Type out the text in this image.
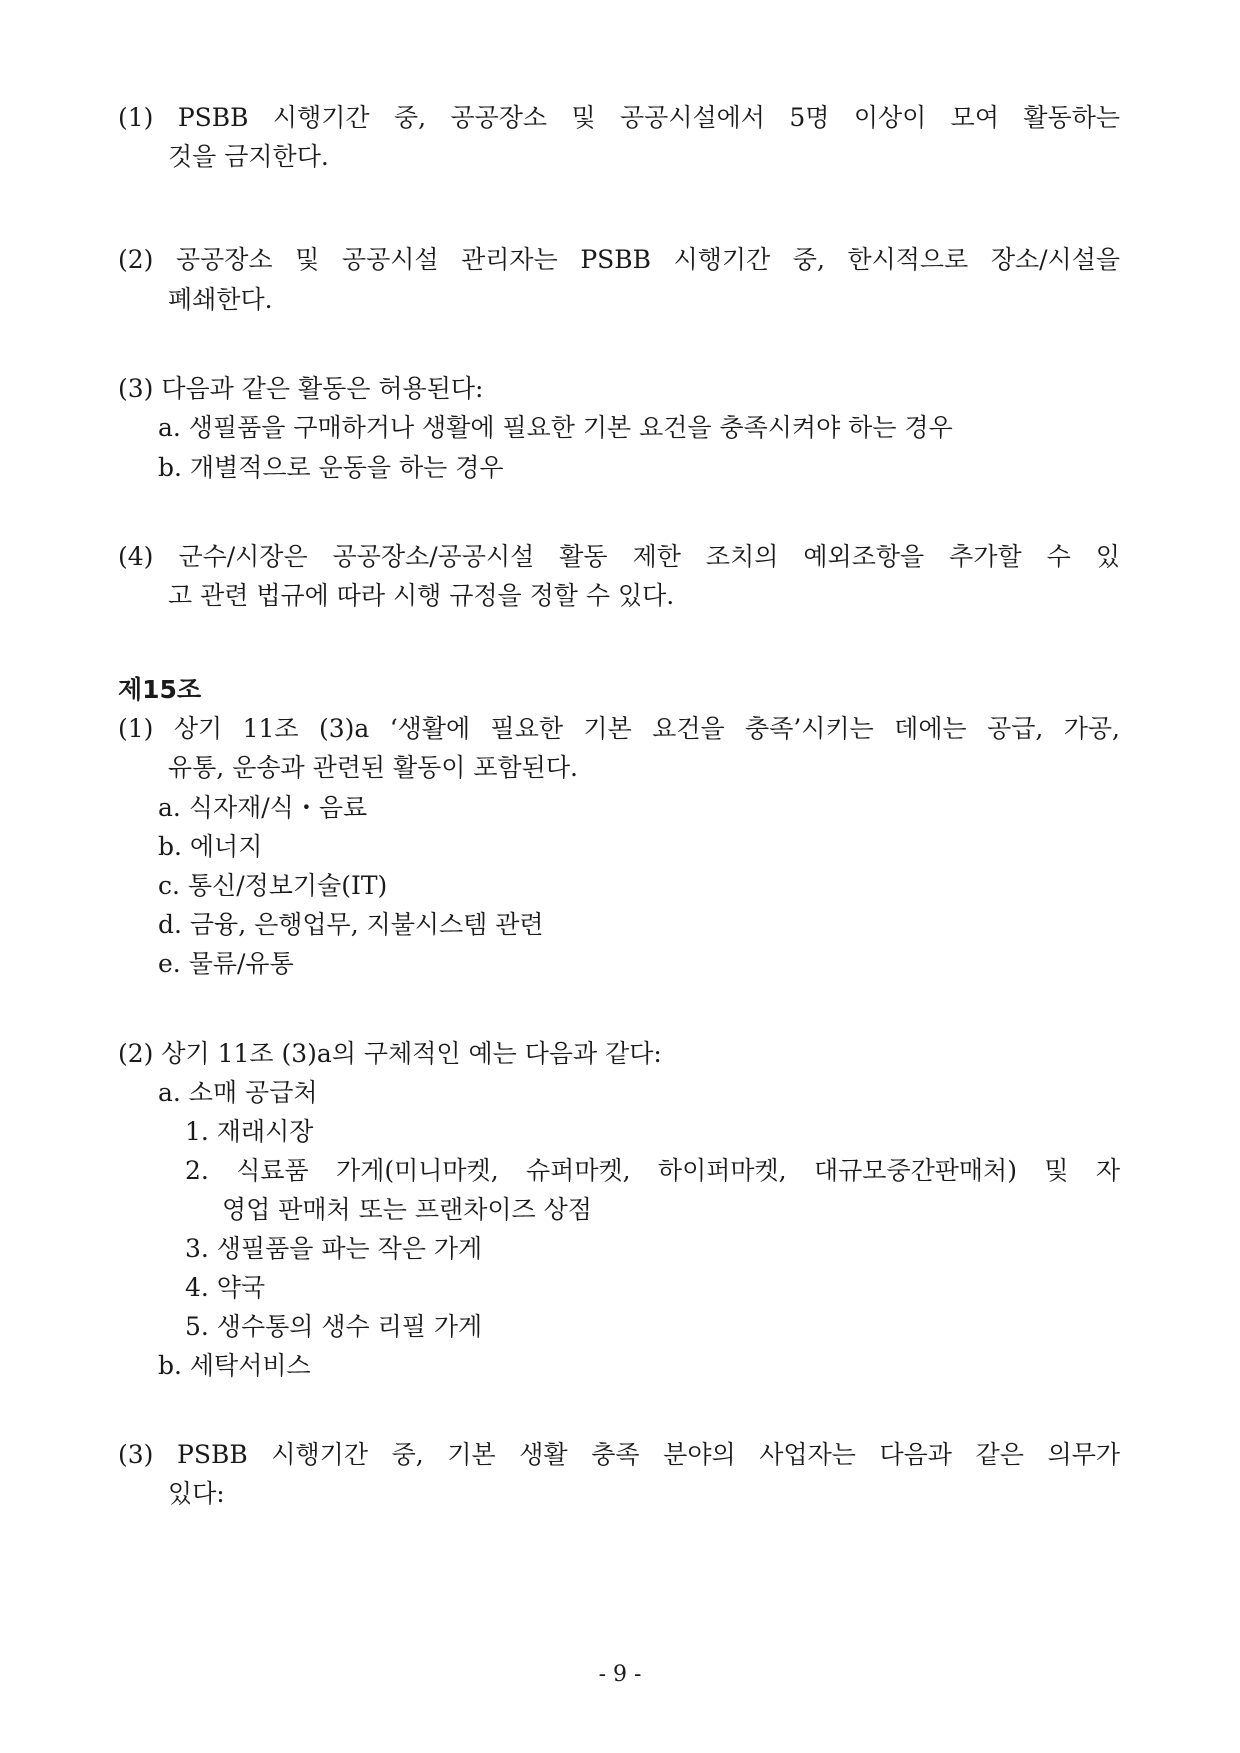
(1) PSBB 시행기간 중, 공공장소 및 공공시설에서 5명 이상이 모여 활동하는
것을 금지한다.
(2) 공공장소 및 공공시설 관리자는 PSBB 시행기간 중, 한시적으로 장소/시설을
폐쇄한다.
(3) 다음과 같은 활동은 허용된다:
a. 생필품을 구매하거나 생활에 필요한 기본 요건을 충족시켜야 하는 경우
b. 개별적으로 운동을 하는 경우
(4) 군수/시장은 공공장소/공공시설 활동 제한 조치의 예외조항을 추가할 수 있
고 관련 법규에 따라 시행 규정을 정할 수 있다.
제15조
(1) 상기 11조 (3)a ‘생활에 필요한 기본 요건을 충족’시키는 데에는 공급, 가공,
유통, 운송과 관련된 활동이 포함된다.
a. 식자재/식・음료
b. 에너지
c. 통신/정보기술(IT)
d. 금융, 은행업무, 지불시스템 관련
e. 물류/유통
(2) 상기 11조 (3)a의 구체적인 예는 다음과 같다:
a. 소매 공급처
1. 재래시장
2. 식료품 가게(미니마켓, 슈퍼마켓, 하이퍼마켓, 대규모중간판매처) 및 자
영업 판매처 또는 프랜차이즈 상점
3. 생필품을 파는 작은 가게
4. 약국
5. 생수통의 생수 리필 가게
b. 세탁서비스
(3) PSBB 시행기간 중, 기본 생활 충족 분야의 사업자는 다음과 같은 의무가
있다:
- 9 -
